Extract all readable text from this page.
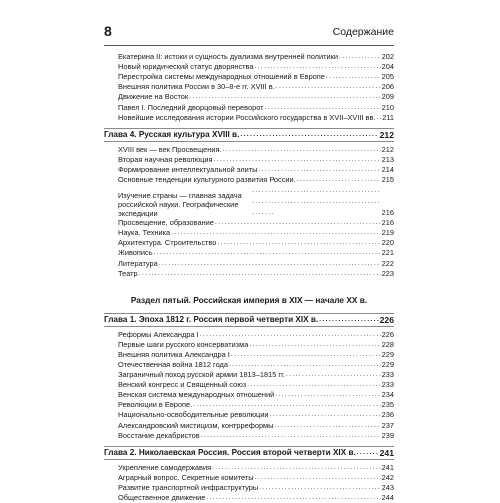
8	Содержание
Екатерина II: истоки и сущность дуализма внутренней политики . . .	202
Новый юридический статус дворянства . . .	204
Перестройка системы международных отношений в Европе . . .	205
Внешняя политика России в 30–8-е гг. XVIII в. . . .	206
Движение на Восток . . .	209
Павел I. Последний дворцовый переворот . . .	210
Новейшие исследования истории Российского государства в XVII–XVIII вв. . . . 211
Глава 4. Русская культура XVIII в. . . .	212
XVIII век — век Просвещения. . . .	212
Вторая научная революция . . .	213
Формирование интеллектуальной элиты . . .	214
Основные тенденции культурного развития России. . . .	215
Изучение страны — главная задача российской науки. Географические экспедиции . . .	216
Просвещение, образование . . .	216
Наука. Техника . . .	219
Архитектура. Строительство . . .	220
Живопись . . .	221
Литература . . .	222
Театр . . .	223
Раздел пятый. Российская империя в XIX — начале XX в.
Глава 1. Эпоха 1812 г. Россия первой четверти XIX в. . . .	226
Реформы Александра I . . .	226
Первые шаги русского консерватизма . . .	228
Внешняя политика Александра I . . .	229
Отечественная война 1812 года . . .	229
Заграничный поход русской армии 1813–1815 гг. . . .	233
Венский конгресс и Священный союз . . .	233
Венская система международных отношений . . .	234
Революции в Европе. . . .	235
Национально-освободительные революции . . .	236
Александровский мистицизм, контрреформы . . .	237
Восстание декабристов . . .	239
Глава 2. Николаевская Россия. Россия второй четверти XIX в. . . .	241
Укрепление самодержавия . . .	241
Аграрный вопрос. Секретные комитеты . . .	242
Развитие транспортной инфраструктуры . . .	243
Общественное движение . . .	244
